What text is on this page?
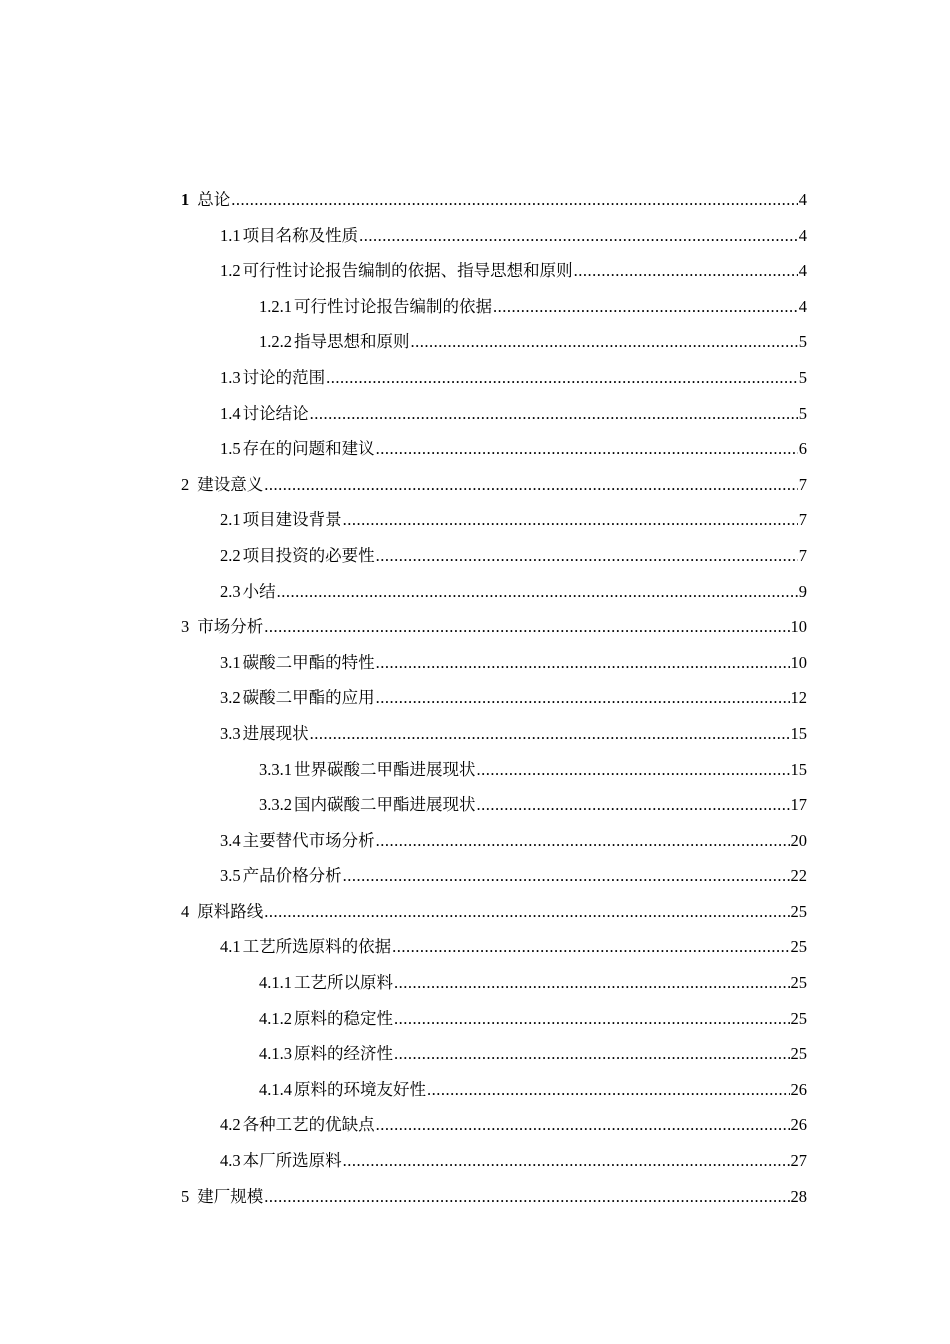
1 总论 .....	4
1.1 项目名称及性质 .....	4
1.2 可行性讨论报告编制的依据、指导思想和原则 .....	4
1.2.1 可行性讨论报告编制的依据 .....	4
1.2.2 指导思想和原则 .....	5
1.3 讨论的范围 .....	5
1.4 讨论结论 .....	5
1.5 存在的问题和建议 .....	6
2 建设意义 .....	7
2.1 项目建设背景 .....	7
2.2 项目投资的必要性 .....	7
2.3 小结 .....	9
3 市场分析 .....	10
3.1 碳酸二甲酯的特性 .....	10
3.2 碳酸二甲酯的应用 .....	12
3.3 进展现状 .....	15
3.3.1 世界碳酸二甲酯进展现状 .....	15
3.3.2 国内碳酸二甲酯进展现状 .....	17
3.4 主要替代市场分析 .....	20
3.5 产品价格分析 .....	22
4 原料路线 .....	25
4.1 工艺所选原料的依据 .....	25
4.1.1 工艺所以原料 .....	25
4.1.2 原料的稳定性 .....	25
4.1.3 原料的经济性 .....	25
4.1.4 原料的环境友好性 .....	26
4.2 各种工艺的优缺点 .....	26
4.3 本厂所选原料 .....	27
5 建厂规模 .....	28
